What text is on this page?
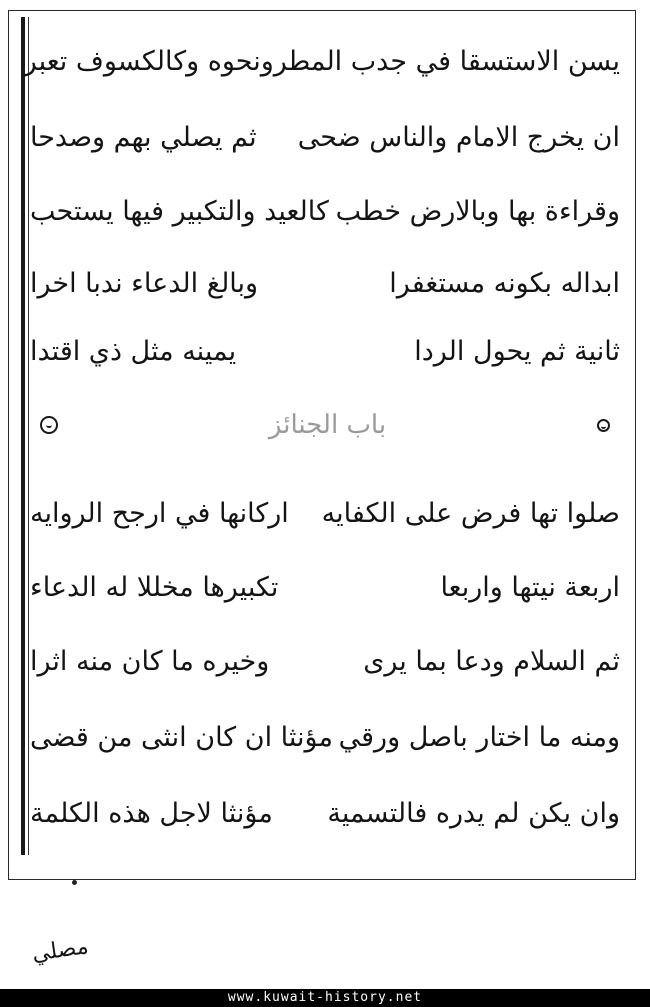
يسن الاستسقا في جدب المطر
ونحوه وكالكسوف تعبر
ان يخرج الامام والناس ضحى
ثم يصلي بهم وصدحا
وقراءة بها وبالارض خطب
كالعيد والتكبير فيها يستحب
ابداله بكونه مستغفرا
وبالغ الدعاء ندبا اخرا
ثانية ثم يحول الردا
يمينه مثل ذي اقتدا
باب الجنائز
صلوا تها فرض على الكفايه
اركانها في ارجح الروايه
اربعة نيتها واربعا
تكبيرها مخللا له الدعاء
ثم السلام ودعا بما يرى
وخيره ما كان منه اثرا
ومنه ما اختار باصل ورقي
مؤنثا ان كان انثى من قضى
وان يكن لم يدره فالتسمية
مؤنثا لاجل هذه الكلمة
مصلي
www.kuwait-history.net
